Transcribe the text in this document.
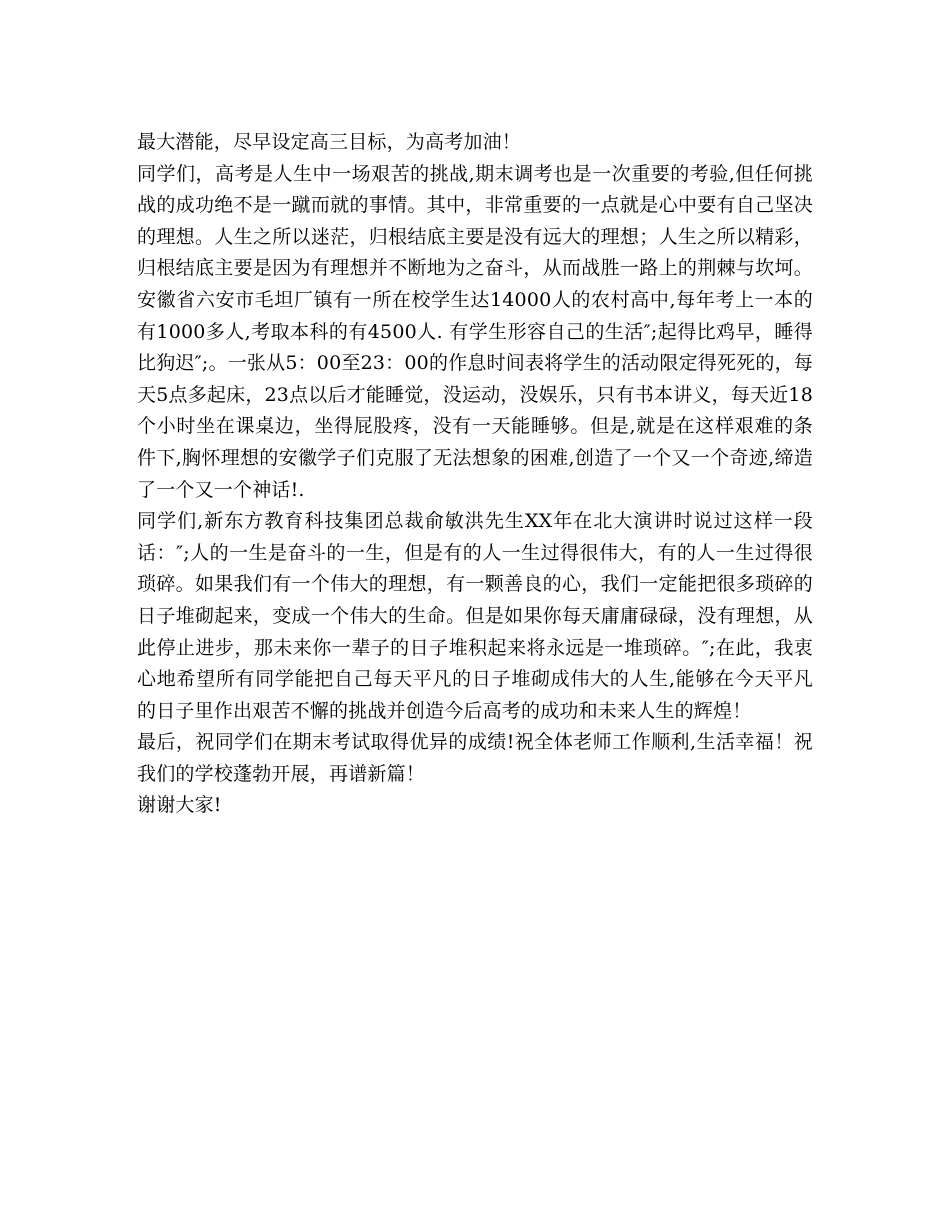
最大潜能，尽早设定高三目标，为高考加油！

同学们，高考是人生中一场艰苦的挑战,期末调考也是一次重要的考验,但任何挑战的成功绝不是一蹴而就的事情。其中，非常重要的一点就是心中要有自己坚决的理想。人生之所以迷茫，归根结底主要是没有远大的理想；人生之所以精彩，归根结底主要是因为有理想并不断地为之奋斗，从而战胜一路上的荆棘与坎坷。安徽省六安市毛坦厂镇有一所在校学生达14000人的农村高中,每年考上一本的有1000多人,考取本科的有4500人. 有学生形容自己的生活″;起得比鸡早，睡得比狗迟″;。一张从5：00至23：00的作息时间表将学生的活动限定得死死的，每天5点多起床，23点以后才能睡觉，没运动，没娱乐，只有书本讲义，每天近18个小时坐在课桌边，坐得屁股疼，没有一天能睡够。但是,就是在这样艰难的条件下,胸怀理想的安徽学子们克服了无法想象的困难,创造了一个又一个奇迹,缔造了一个又一个神话!.

同学们,新东方教育科技集团总裁俞敏洪先生XX年在北大演讲时说过这样一段话：″;人的一生是奋斗的一生，但是有的人一生过得很伟大，有的人一生过得很琐碎。如果我们有一个伟大的理想，有一颗善良的心，我们一定能把很多琐碎的日子堆砌起来，变成一个伟大的生命。但是如果你每天庸庸碌碌，没有理想，从此停止进步，那未来你一辈子的日子堆积起来将永远是一堆琐碎。″;在此，我衷心地希望所有同学能把自己每天平凡的日子堆砌成伟大的人生,能够在今天平凡的日子里作出艰苦不懈的挑战并创造今后高考的成功和未来人生的辉煌！

最后，祝同学们在期末考试取得优异的成绩!祝全体老师工作顺利,生活幸福！祝我们的学校蓬勃开展，再谱新篇！

谢谢大家!
